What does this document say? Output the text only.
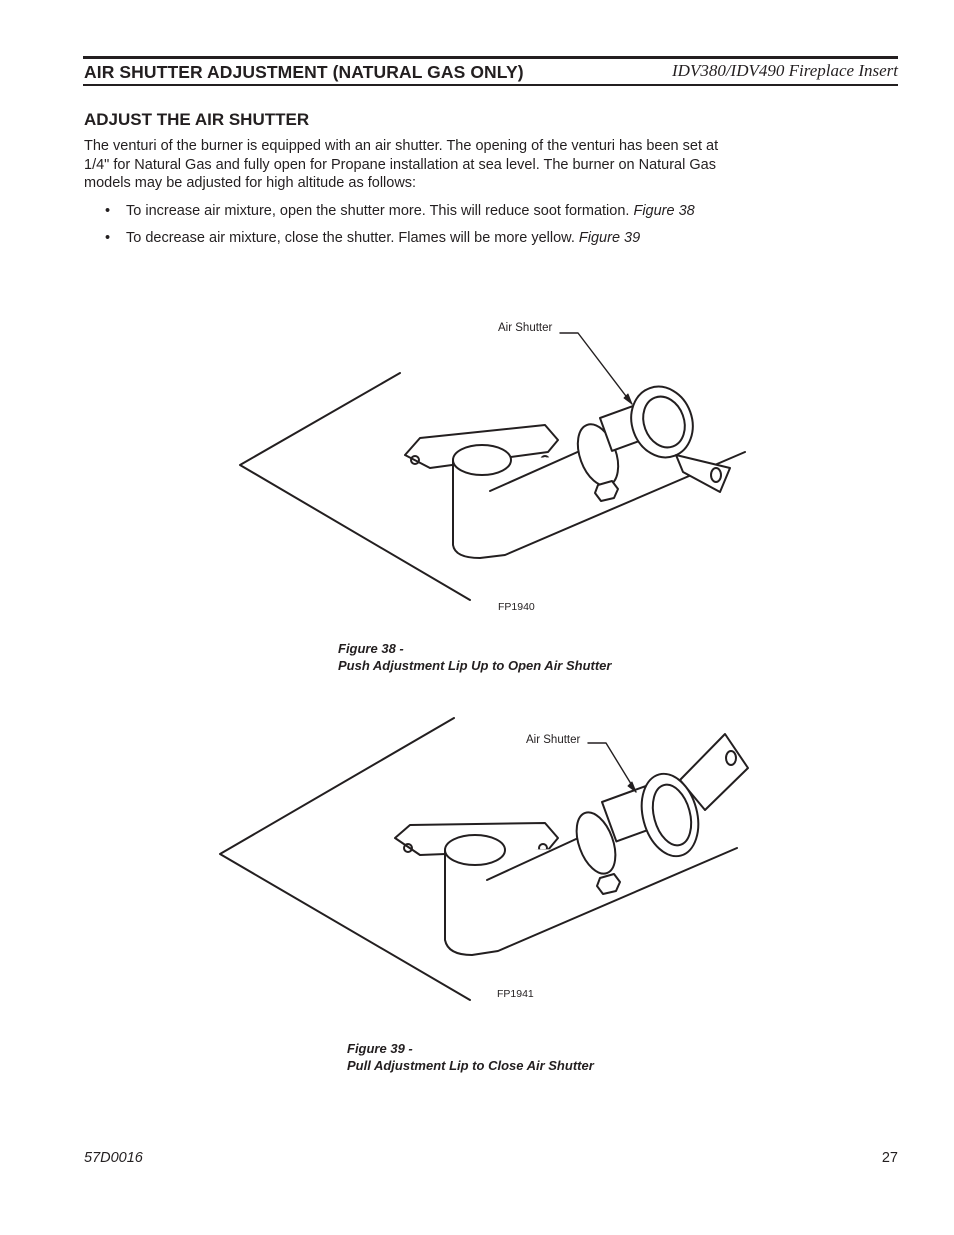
AIR SHUTTER ADJUSTMENT (NATURAL GAS ONLY)	IDV380/IDV490 Fireplace Insert
ADJUST THE AIR SHUTTER

The venturi of the burner is equipped with an air shutter. The opening of the venturi has been set at 1/4" for Natural Gas and fully open for Propane installation at sea level. The burner on Natural Gas models may be adjusted for high altitude as follows:

• To increase air mixture, open the shutter more. This will reduce soot formation. Figure 38
• To decrease air mixture, close the shutter. Flames will be more yellow. Figure 39
Air Shutter
FP1940
Figure 38 -
Push Adjustment Lip Up to Open Air Shutter
Air Shutter
FP1941
Figure 39 -
Pull Adjustment Lip to Close Air Shutter
57D0016	27
